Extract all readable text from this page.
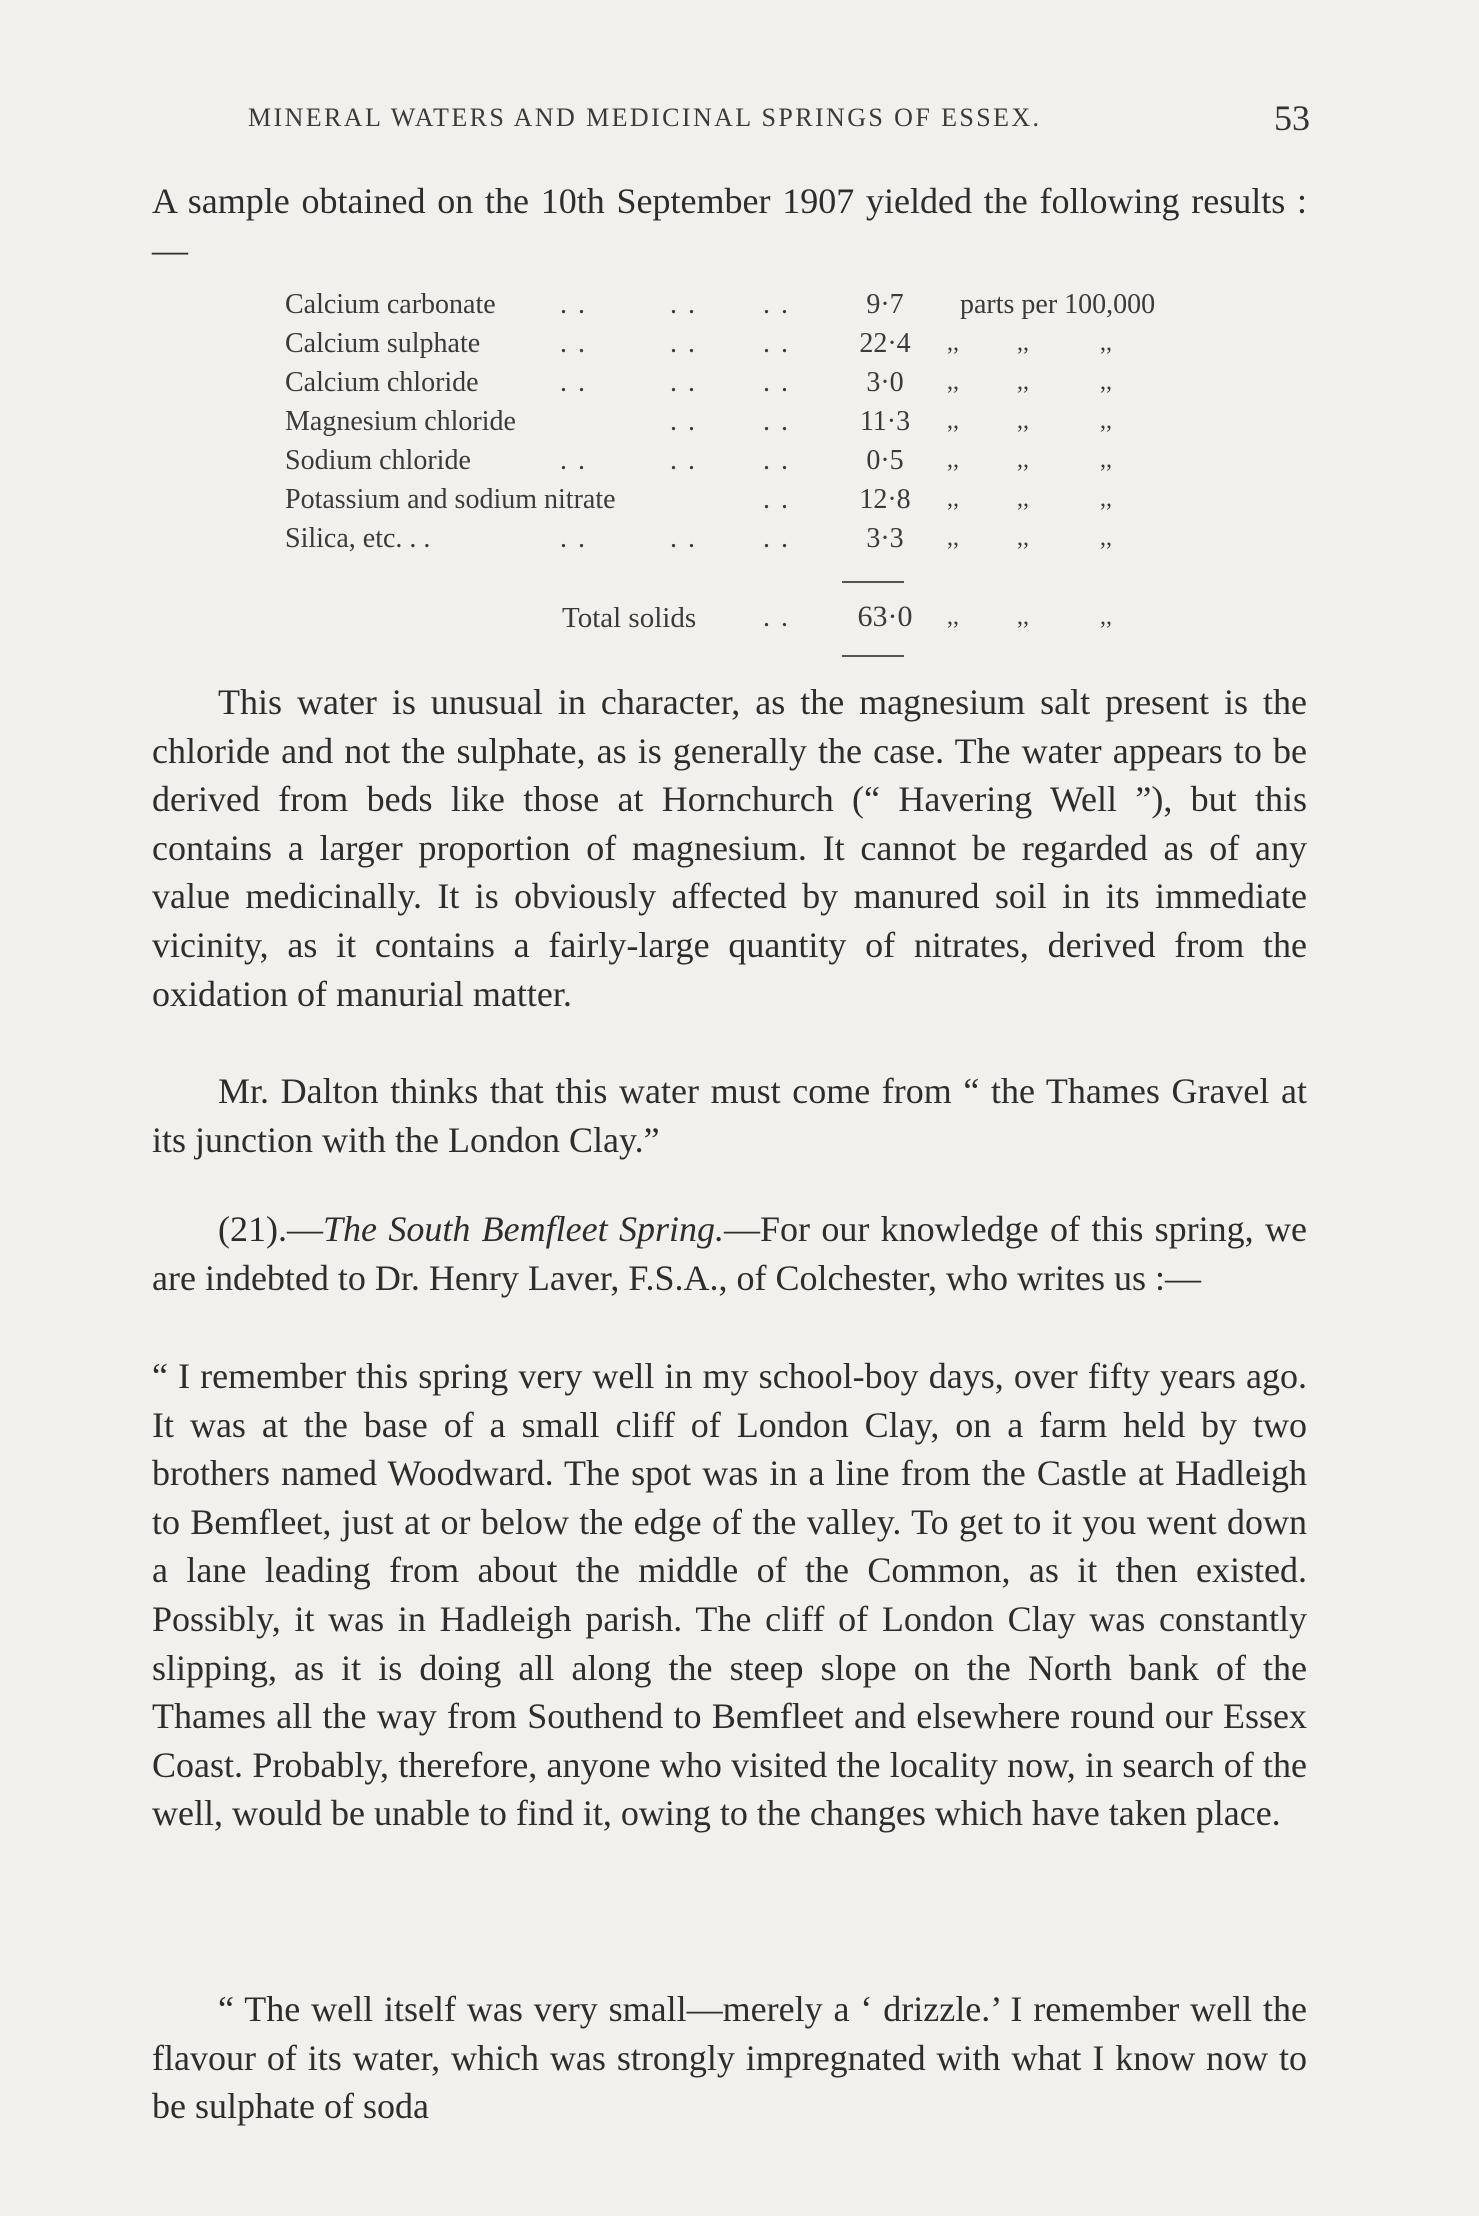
MINERAL WATERS AND MEDICINAL SPRINGS OF ESSEX.	53

A sample obtained on the 10th September 1907 yielded the following results :—

Calcium carbonate . .	. . . .	9·7	parts per 100,000
Calcium sulphate	. .	. . . .	22·4	,, ,,	,,
Calcium chloride	. .	. . . .	3·0	,, ,,	,,
Magnesium chloride	. . . .	11·3	,, ,,	,,
Sodium chloride	. .	. . . .	0·5	,, ,,	,,
Potassium and sodium nitrate	. .	12·8	,, ,,	,,
Silica, etc. . .	. .	. . . .	3·3	,, ,,	,,
Total solids . .	63·0	,, ,,	,,

This water is unusual in character, as the magnesium salt present is the chloride and not the sulphate, as is generally the case. The water appears to be derived from beds like those at Hornchurch (“ Havering Well ”), but this contains a larger proportion of magnesium. It cannot be regarded as of any value medicinally. It is obviously affected by manured soil in its immediate vicinity, as it contains a fairly-large quantity of nitrates, derived from the oxidation of manurial matter.

Mr. Dalton thinks that this water must come from “ the Thames Gravel at its junction with the London Clay.”

(21).—The South Bemfleet Spring.—For our knowledge of this spring, we are indebted to Dr. Henry Laver, F.S.A., of Colchester, who writes us :—

“ I remember this spring very well in my school-boy days, over fifty years ago. It was at the base of a small cliff of London Clay, on a farm held by two brothers named Woodward. The spot was in a line from the Castle at Hadleigh to Bemfleet, just at or below the edge of the valley. To get to it you went down a lane leading from about the middle of the Common, as it then existed. Possibly, it was in Hadleigh parish. The cliff of London Clay was constantly slipping, as it is doing all along the steep slope on the North bank of the Thames all the way from Southend to Bemfleet and elsewhere round our Essex Coast. Probably, therefore, anyone who visited the locality now, in search of the well, would be unable to find it, owing to the changes which have taken place.

“ The well itself was very small—merely a ‘ drizzle.’ I remember well the flavour of its water, which was strongly impregnated with what I know now to be sulphate of soda
